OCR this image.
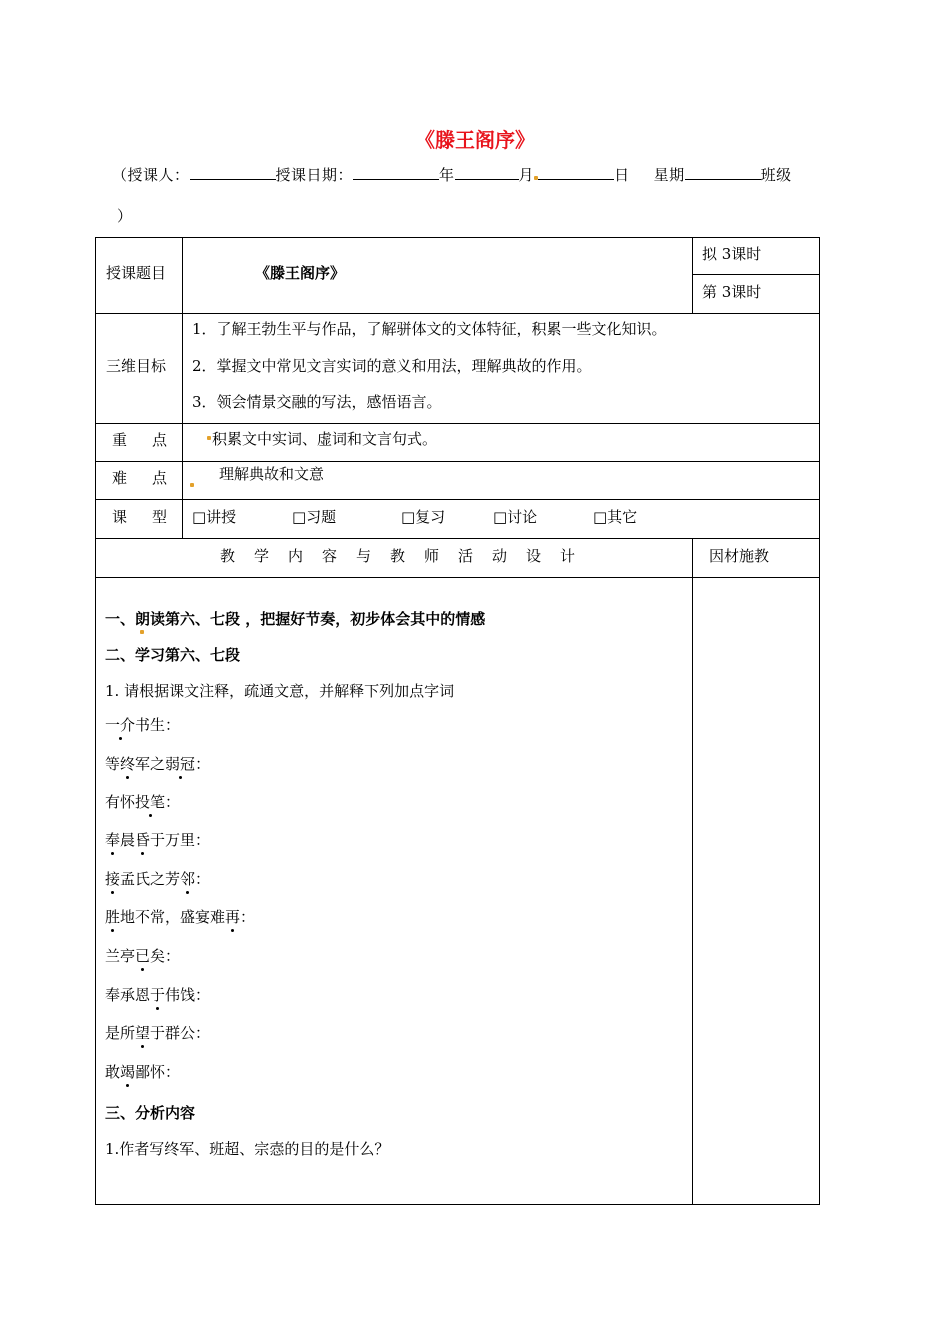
《滕王阁序》
（授课人：	授课日期：	年	月	日 星期	班级
）
授课题目	《滕王阁序》
拟 3课时
第 3课时
三维目标
1．了解王勃生平与作品，了解骈体文的文体特征，积累一些文化知识。
2．掌握文中常见文言实词的意义和用法，理解典故的作用。
3．领会情景交融的写法，感悟语言。
重 点	积累文中实词、虚词和文言句式。
难 点	理解典故和文意
课 型 □讲授	□习题	□复习	□讨论	□其它
教学内容与教师活动设计	因材施教
一、朗读第六、七段 ，把握好节奏，初步体会其中的情感
二、学习第六、七段
1. 请根据课文注释，疏通文意，并解释下列加点字词
一介书生：
等终军之弱冠：
有怀投笔：
奉晨昏于万里：
接孟氏之芳邻：
胜地不常，盛宴难再：
兰亭已矣：
奉承恩于伟饯：
是所望于群公：
敢竭鄙怀：
三、分析内容
1.作者写终军、班超、宗悫的目的是什么？
